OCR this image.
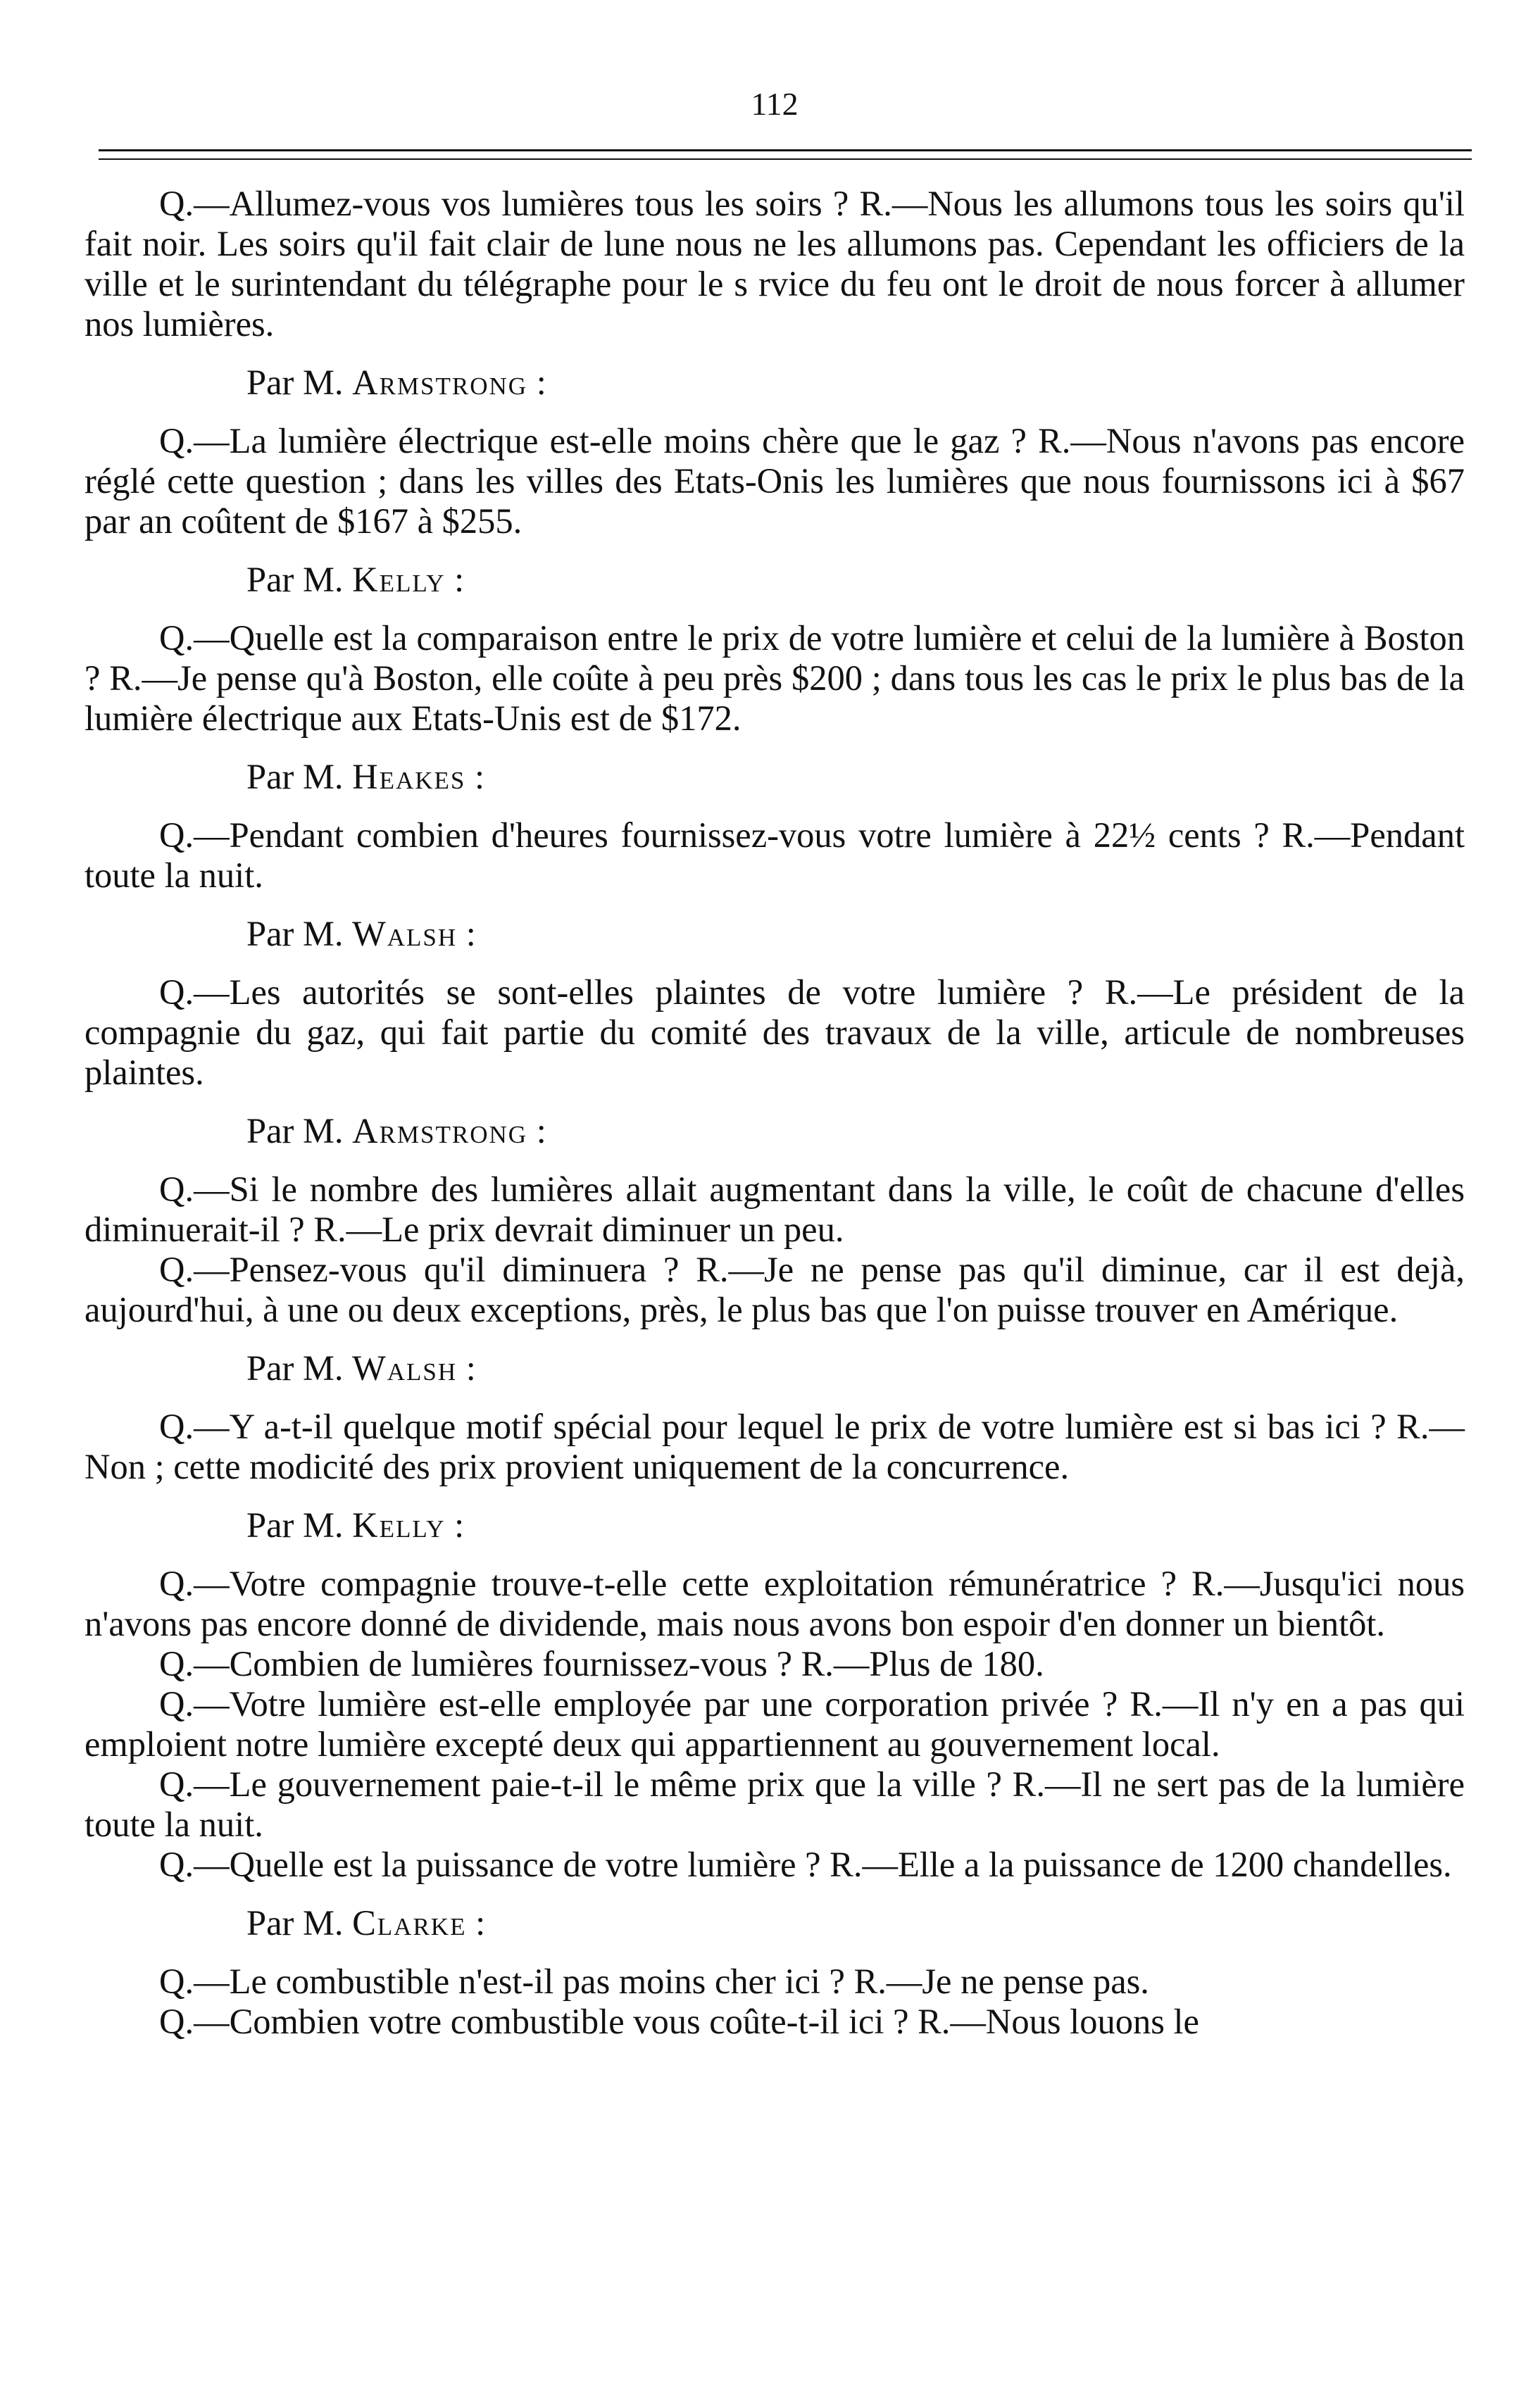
112

Q.—Allumez-vous vos lumières tous les soirs ? R.—Nous les allumons tous les soirs qu'il fait noir. Les soirs qu'il fait clair de lune nous ne les allumons pas. Cependant les officiers de la ville et le surintendant du télégraphe pour le s rvice du feu ont le droit de nous forcer à allumer nos lumières.

Par M. Armstrong :

Q.—La lumière électrique est-elle moins chère que le gaz ? R.—Nous n'avons pas encore réglé cette question ; dans les villes des Etats-Onis les lumières que nous fournissons ici à $67 par an coûtent de $167 à $255.

Par M. Kelly :

Q.—Quelle est la comparaison entre le prix de votre lumière et celui de la lumière à Boston ? R.—Je pense qu'à Boston, elle coûte à peu près $200 ; dans tous les cas le prix le plus bas de la lumière électrique aux Etats-Unis est de $172.

Par M. Heakes :

Q.—Pendant combien d'heures fournissez-vous votre lumière à 22½ cents ? R.—Pendant toute la nuit.

Par M. Walsh :

Q.—Les autorités se sont-elles plaintes de votre lumière ? R.—Le président de la compagnie du gaz, qui fait partie du comité des travaux de la ville, articule de nombreuses plaintes.

Par M. Armstrong :

Q.—Si le nombre des lumières allait augmentant dans la ville, le coût de chacune d'elles diminuerait-il ? R.—Le prix devrait diminuer un peu.

Q.—Pensez-vous qu'il diminuera ? R.—Je ne pense pas qu'il diminue, car il est dejà, aujourd'hui, à une ou deux exceptions, près, le plus bas que l'on puisse trouver en Amérique.

Par M. Walsh :

Q.—Y a-t-il quelque motif spécial pour lequel le prix de votre lumière est si bas ici ? R.—Non ; cette modicité des prix provient uniquement de la concurrence.

Par M. Kelly :

Q.—Votre compagnie trouve-t-elle cette exploitation rémunératrice ? R.—Jusqu'ici nous n'avons pas encore donné de dividende, mais nous avons bon espoir d'en donner un bientôt.

Q.—Combien de lumières fournissez-vous ? R.—Plus de 180.

Q.—Votre lumière est-elle employée par une corporation privée ? R.—Il n'y en a pas qui emploient notre lumière excepté deux qui appartiennent au gouvernement local.

Q.—Le gouvernement paie-t-il le même prix que la ville ? R.—Il ne sert pas de la lumière toute la nuit.

Q.—Quelle est la puissance de votre lumière ? R.—Elle a la puissance de 1200 chandelles.

Par M. Clarke :

Q.—Le combustible n'est-il pas moins cher ici ? R.—Je ne pense pas.

Q.—Combien votre combustible vous coûte-t-il ici ? R.—Nous louons le
